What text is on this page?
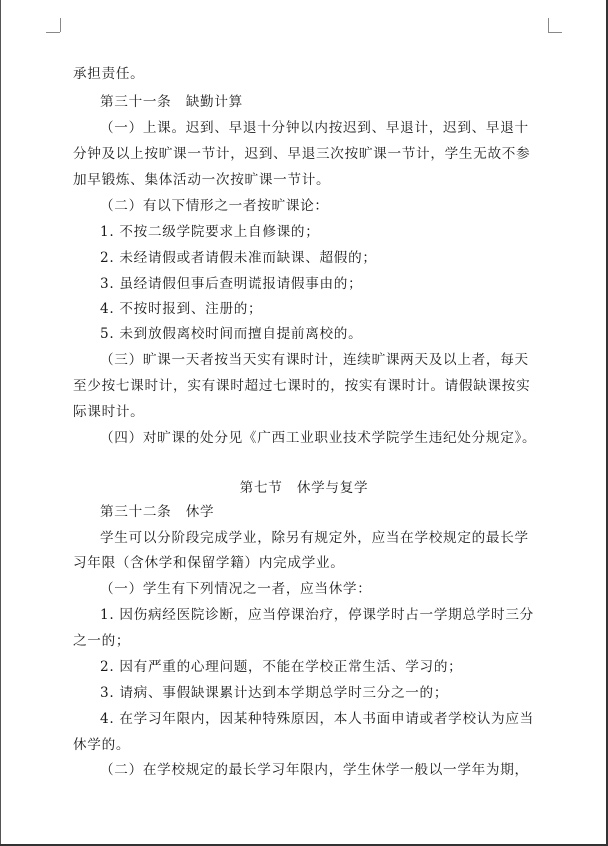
承担责任。
第三十一条　缺勤计算
（一）上课。迟到、早退十分钟以内按迟到、早退计，迟到、早退十
分钟及以上按旷课一节计，迟到、早退三次按旷课一节计，学生无故不参
加早锻炼、集体活动一次按旷课一节计。
（二）有以下情形之一者按旷课论：
1. 不按二级学院要求上自修课的；
2. 未经请假或者请假未准而缺课、超假的；
3. 虽经请假但事后查明谎报请假事由的；
4. 不按时报到、注册的；
5. 未到放假离校时间而擅自提前离校的。
（三）旷课一天者按当天实有课时计，连续旷课两天及以上者，每天
至少按七课时计，实有课时超过七课时的，按实有课时计。请假缺课按实
际课时计。
（四）对旷课的处分见《广西工业职业技术学院学生违纪处分规定》。
第七节　休学与复学
第三十二条　休学
学生可以分阶段完成学业，除另有规定外，应当在学校规定的最长学
习年限（含休学和保留学籍）内完成学业。
（一）学生有下列情况之一者，应当休学：
1. 因伤病经医院诊断，应当停课治疗，停课学时占一学期总学时三分
之一的；
2. 因有严重的心理问题，不能在学校正常生活、学习的；
3. 请病、事假缺课累计达到本学期总学时三分之一的；
4. 在学习年限内，因某种特殊原因，本人书面申请或者学校认为应当
休学的。
（二）在学校规定的最长学习年限内，学生休学一般以一学年为期，
